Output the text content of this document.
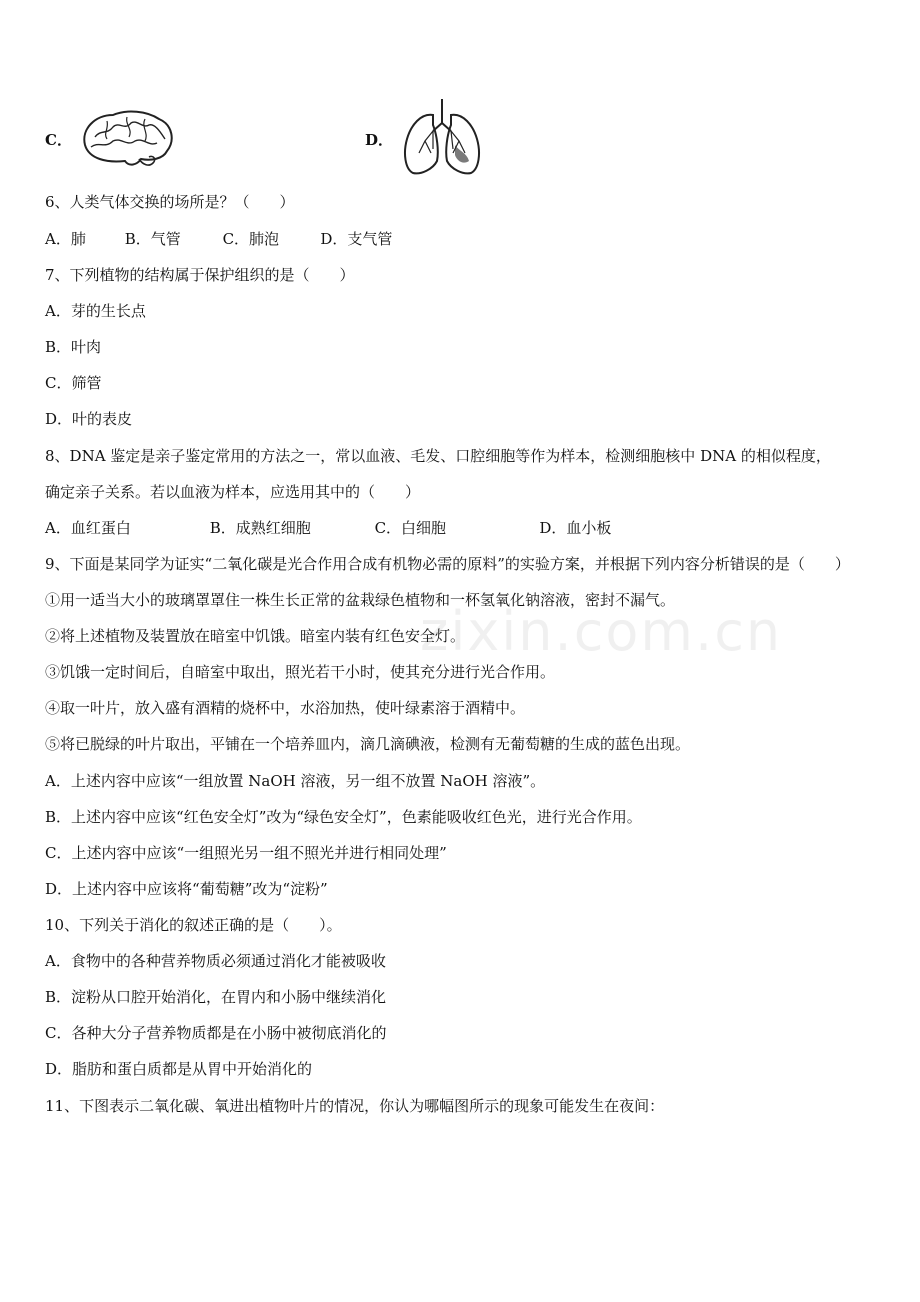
zixin.com.cn
C．	D．
6、人类气体交换的场所是？（　　）
A．肺	B．气管	C．肺泡	D．支气管
7、下列植物的结构属于保护组织的是（　　）
A．芽的生长点
B．叶肉
C．筛管
D．叶的表皮
8、DNA 鉴定是亲子鉴定常用的方法之一，常以血液、毛发、口腔细胞等作为样本，检测细胞核中 DNA 的相似程度，
确定亲子关系。若以血液为样本，应选用其中的（　　）
A．血红蛋白	B．成熟红细胞	C．白细胞	D．血小板
9、下面是某同学为证实“二氧化碳是光合作用合成有机物必需的原料”的实验方案，并根据下列内容分析错误的是（　　）
①用一适当大小的玻璃罩罩住一株生长正常的盆栽绿色植物和一杯氢氧化钠溶液，密封不漏气。
②将上述植物及装置放在暗室中饥饿。暗室内装有红色安全灯。
③饥饿一定时间后，自暗室中取出，照光若干小时，使其充分进行光合作用。
④取一叶片，放入盛有酒精的烧杯中，水浴加热，使叶绿素溶于酒精中。
⑤将已脱绿的叶片取出，平铺在一个培养皿内，滴几滴碘液，检测有无葡萄糖的生成的蓝色出现。
A．上述内容中应该“一组放置 NaOH 溶液，另一组不放置 NaOH 溶液”。
B．上述内容中应该“红色安全灯”改为“绿色安全灯”，色素能吸收红色光，进行光合作用。
C．上述内容中应该“一组照光另一组不照光并进行相同处理”
D．上述内容中应该将“葡萄糖”改为“淀粉”
10、下列关于消化的叙述正确的是（　　）。
A．食物中的各种营养物质必须通过消化才能被吸收
B．淀粉从口腔开始消化，在胃内和小肠中继续消化
C．各种大分子营养物质都是在小肠中被彻底消化的
D．脂肪和蛋白质都是从胃中开始消化的
11、下图表示二氧化碳、氧进出植物叶片的情况，你认为哪幅图所示的现象可能发生在夜间：
